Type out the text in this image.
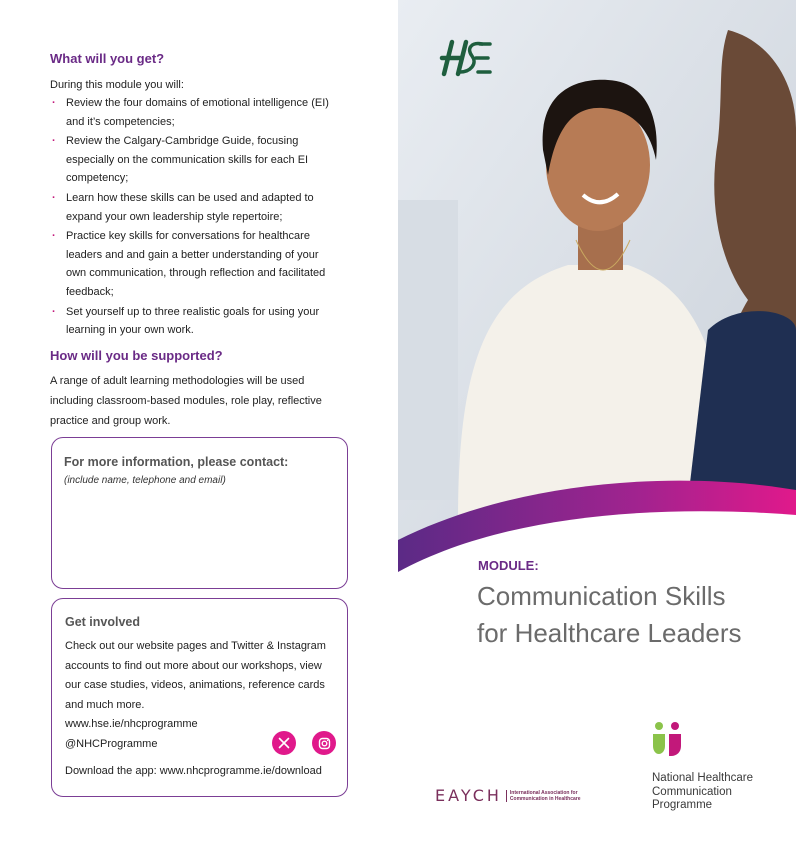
What will you get?
During this module you will:
· Review the four domains of emotional intelligence (EI)
and it’s competencies;
· Review the Calgary-Cambridge Guide, focusing
especially on the communication skills for each EI
competency;
· Learn how these skills can be used and adapted to
expand your own leadership style repertoire;
· Practice key skills for conversations for healthcare
leaders and and gain a better understanding of your
own communication, through reflection and facilitated
feedback;
· Set yourself up to three realistic goals for using your
learning in your own work.
How will you be supported?
A range of adult learning methodologies will be used
including classroom-based modules, role play, reflective
practice and group work.
For more information, please contact:
(include name, telephone and email)
Get involved
Check out our website pages and Twitter & Instagram
accounts to find out more about our workshops, view
our case studies, videos, animations, reference cards
and much more.
www.hse.ie/nhcprogramme
@NHCProgramme
Download the app: www.nhcprogramme.ie/download
MODULE:
Communication Skills
for Healthcare Leaders
EAYCH	International Association for Communication in Healthcare
National Healthcare
Communication
Programme
